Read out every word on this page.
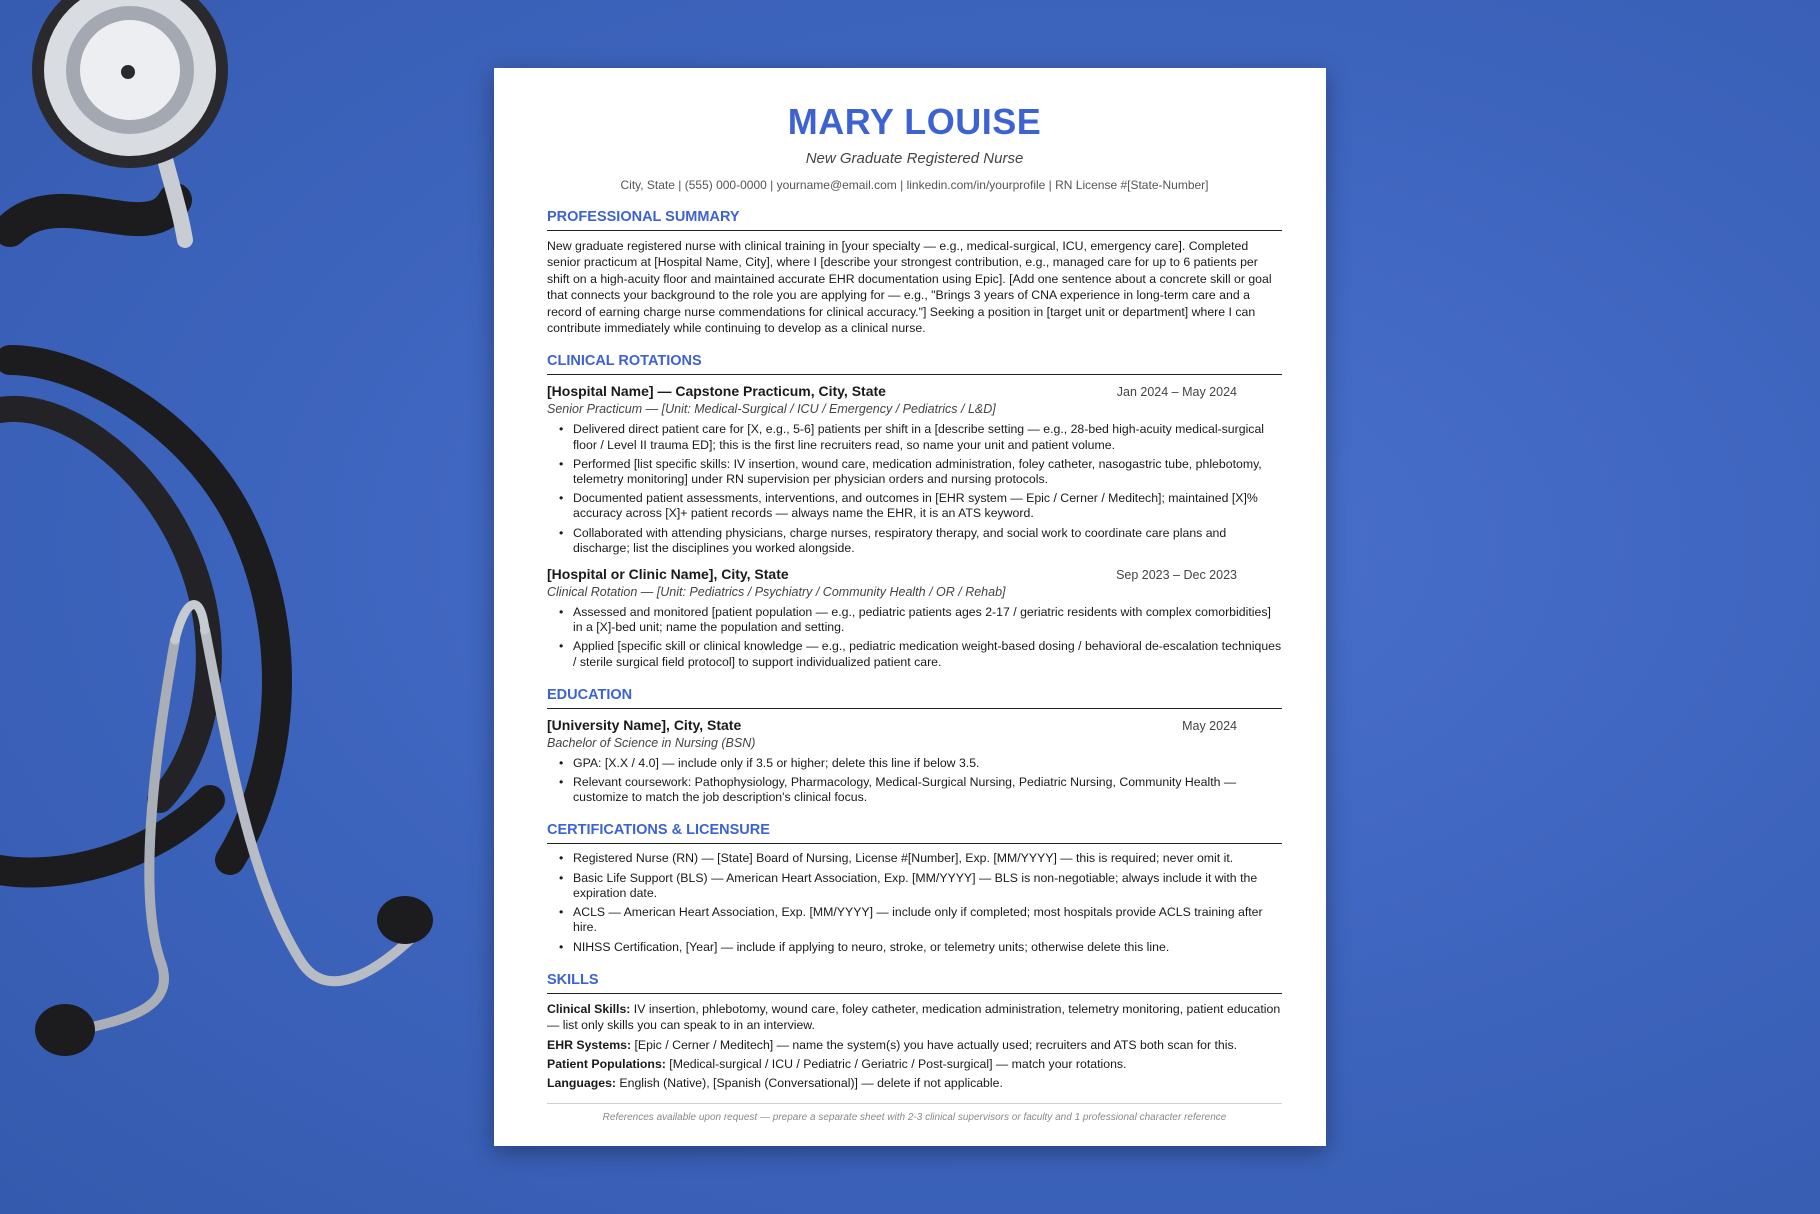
MARY LOUISE
New Graduate Registered Nurse
City, State | (555) 000-0000 | yourname@email.com | linkedin.com/in/yourprofile | RN License #[State-Number]
PROFESSIONAL SUMMARY

New graduate registered nurse with clinical training in [your specialty — e.g., medical-surgical, ICU, emergency care]. Completed senior practicum at [Hospital Name, City], where I [describe your strongest contribution, e.g., managed care for up to 6 patients per shift on a high-acuity floor and maintained accurate EHR documentation using Epic]. [Add one sentence about a concrete skill or goal that connects your background to the role you are applying for — e.g., "Brings 3 years of CNA experience in long-term care and a record of earning charge nurse commendations for clinical accuracy."] Seeking a position in [target unit or department] where I can contribute immediately while continuing to develop as a clinical nurse.

CLINICAL ROTATIONS
[Hospital Name] — Capstone Practicum, City, State	Jan 2024 – May 2024
Senior Practicum — [Unit: Medical-Surgical / ICU / Emergency / Pediatrics / L&D]
• Delivered direct patient care for [X, e.g., 5-6] patients per shift in a [describe setting — e.g., 28-bed high-acuity medical-surgical floor / Level II trauma ED]; this is the first line recruiters read, so name your unit and patient volume.
• Performed [list specific skills: IV insertion, wound care, medication administration, foley catheter, nasogastric tube, phlebotomy, telemetry monitoring] under RN supervision per physician orders and nursing protocols.
• Documented patient assessments, interventions, and outcomes in [EHR system — Epic / Cerner / Meditech]; maintained [X]% accuracy across [X]+ patient records — always name the EHR, it is an ATS keyword.
• Collaborated with attending physicians, charge nurses, respiratory therapy, and social work to coordinate care plans and discharge; list the disciplines you worked alongside.
[Hospital or Clinic Name], City, State	Sep 2023 – Dec 2023
Clinical Rotation — [Unit: Pediatrics / Psychiatry / Community Health / OR / Rehab]
• Assessed and monitored [patient population — e.g., pediatric patients ages 2-17 / geriatric residents with complex comorbidities] in a [X]-bed unit; name the population and setting.
• Applied [specific skill or clinical knowledge — e.g., pediatric medication weight-based dosing / behavioral de-escalation techniques / sterile surgical field protocol] to support individualized patient care.
EDUCATION
[University Name], City, State	May 2024
Bachelor of Science in Nursing (BSN)
• GPA: [X.X / 4.0] — include only if 3.5 or higher; delete this line if below 3.5.
• Relevant coursework: Pathophysiology, Pharmacology, Medical-Surgical Nursing, Pediatric Nursing, Community Health — customize to match the job description's clinical focus.
CERTIFICATIONS & LICENSURE
• Registered Nurse (RN) — [State] Board of Nursing, License #[Number], Exp. [MM/YYYY] — this is required; never omit it.
• Basic Life Support (BLS) — American Heart Association, Exp. [MM/YYYY] — BLS is non-negotiable; always include it with the expiration date.
• ACLS — American Heart Association, Exp. [MM/YYYY] — include only if completed; most hospitals provide ACLS training after hire.
• NIHSS Certification, [Year] — include if applying to neuro, stroke, or telemetry units; otherwise delete this line.
SKILLS
Clinical Skills: IV insertion, phlebotomy, wound care, foley catheter, medication administration, telemetry monitoring, patient education — list only skills you can speak to in an interview.
EHR Systems: [Epic / Cerner / Meditech] — name the system(s) you have actually used; recruiters and ATS both scan for this.
Patient Populations: [Medical-surgical / ICU / Pediatric / Geriatric / Post-surgical] — match your rotations.
Languages: English (Native), [Spanish (Conversational)] — delete if not applicable.
References available upon request — prepare a separate sheet with 2-3 clinical supervisors or faculty and 1 professional character reference
